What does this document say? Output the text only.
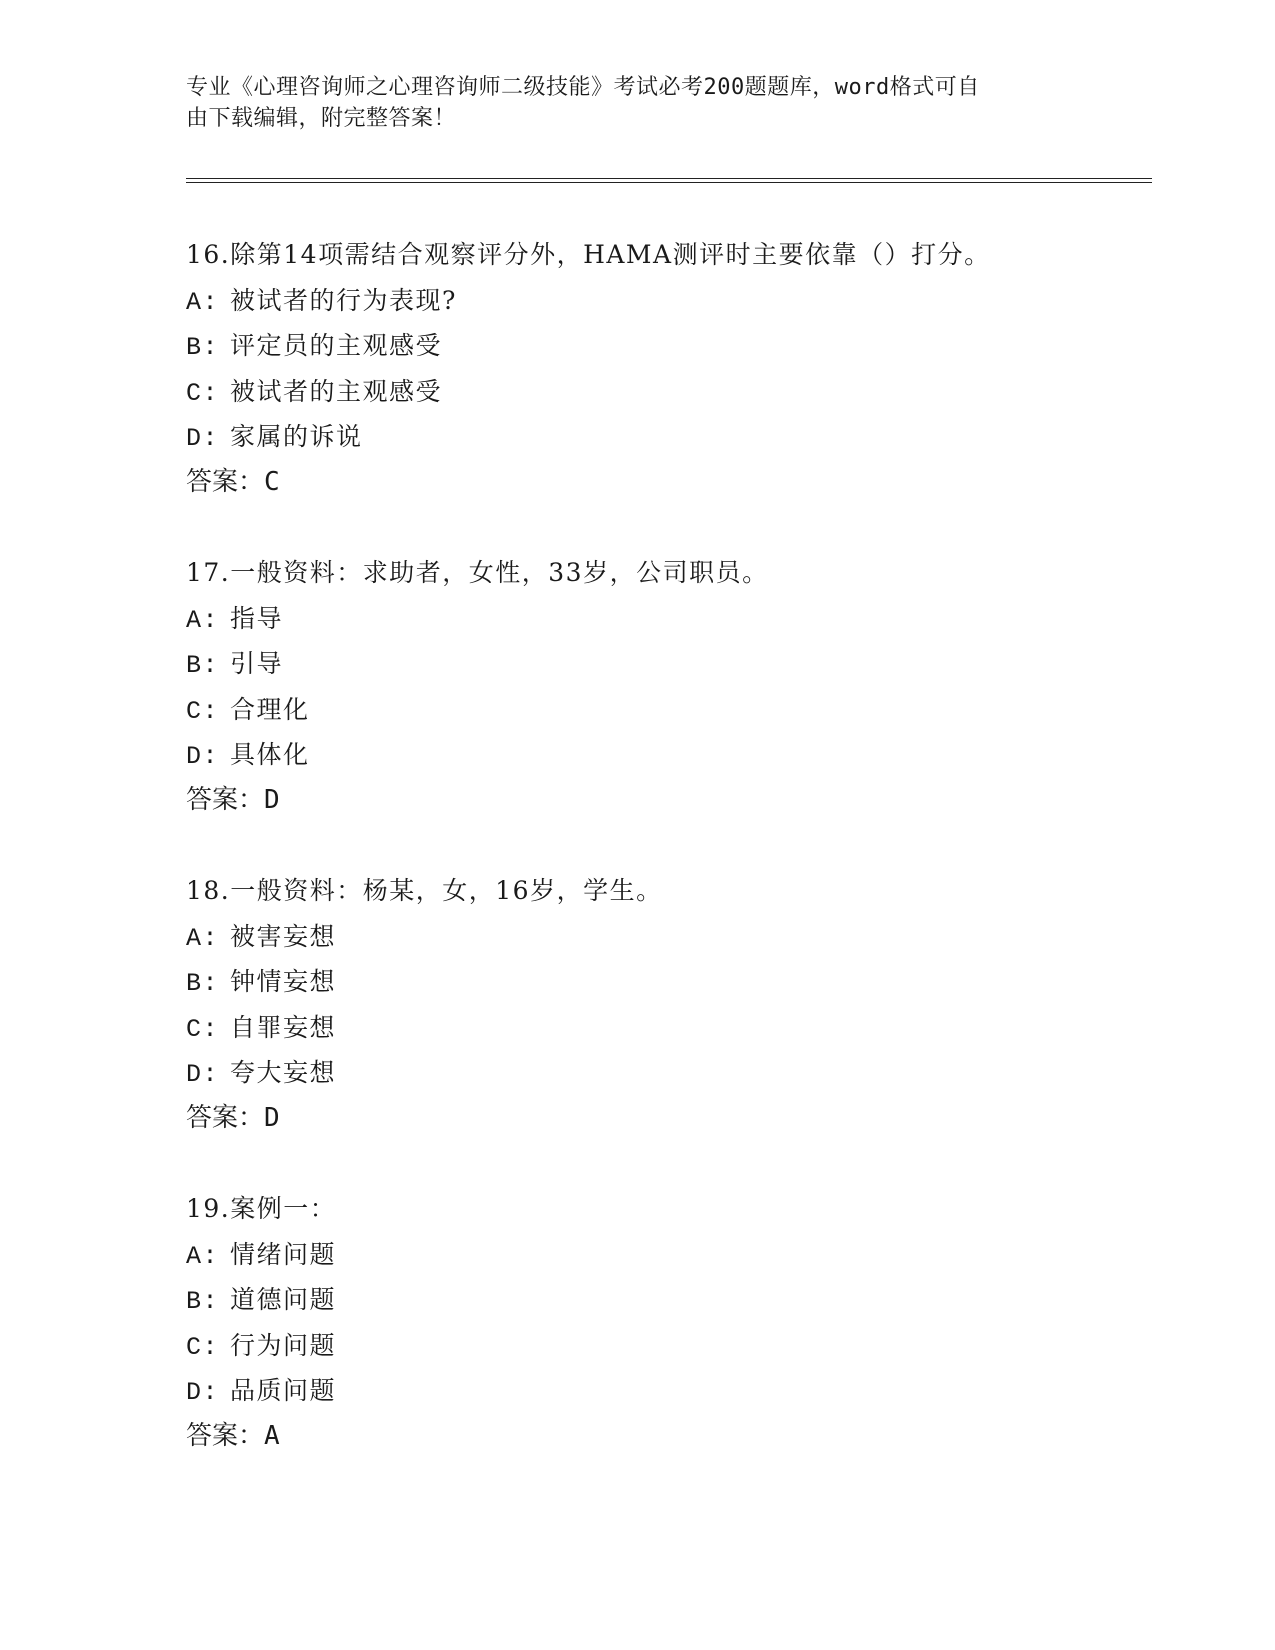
专业《心理咨询师之心理咨询师二级技能》考试必考200题题库，word格式可自
由下载编辑，附完整答案！
16.除第14项需结合观察评分外，HAMA测评时主要依靠（）打分。
A: 被试者的行为表现?
B: 评定员的主观感受
C: 被试者的主观感受
D: 家属的诉说
答案：C
17.一般资料：求助者，女性，33岁，公司职员。
A: 指导
B: 引导
C: 合理化
D: 具体化
答案：D
18.一般资料：杨某，女，16岁，学生。
A: 被害妄想
B: 钟情妄想
C: 自罪妄想
D: 夸大妄想
答案：D
19.案例一：
A: 情绪问题
B: 道德问题
C: 行为问题
D: 品质问题
答案：A
